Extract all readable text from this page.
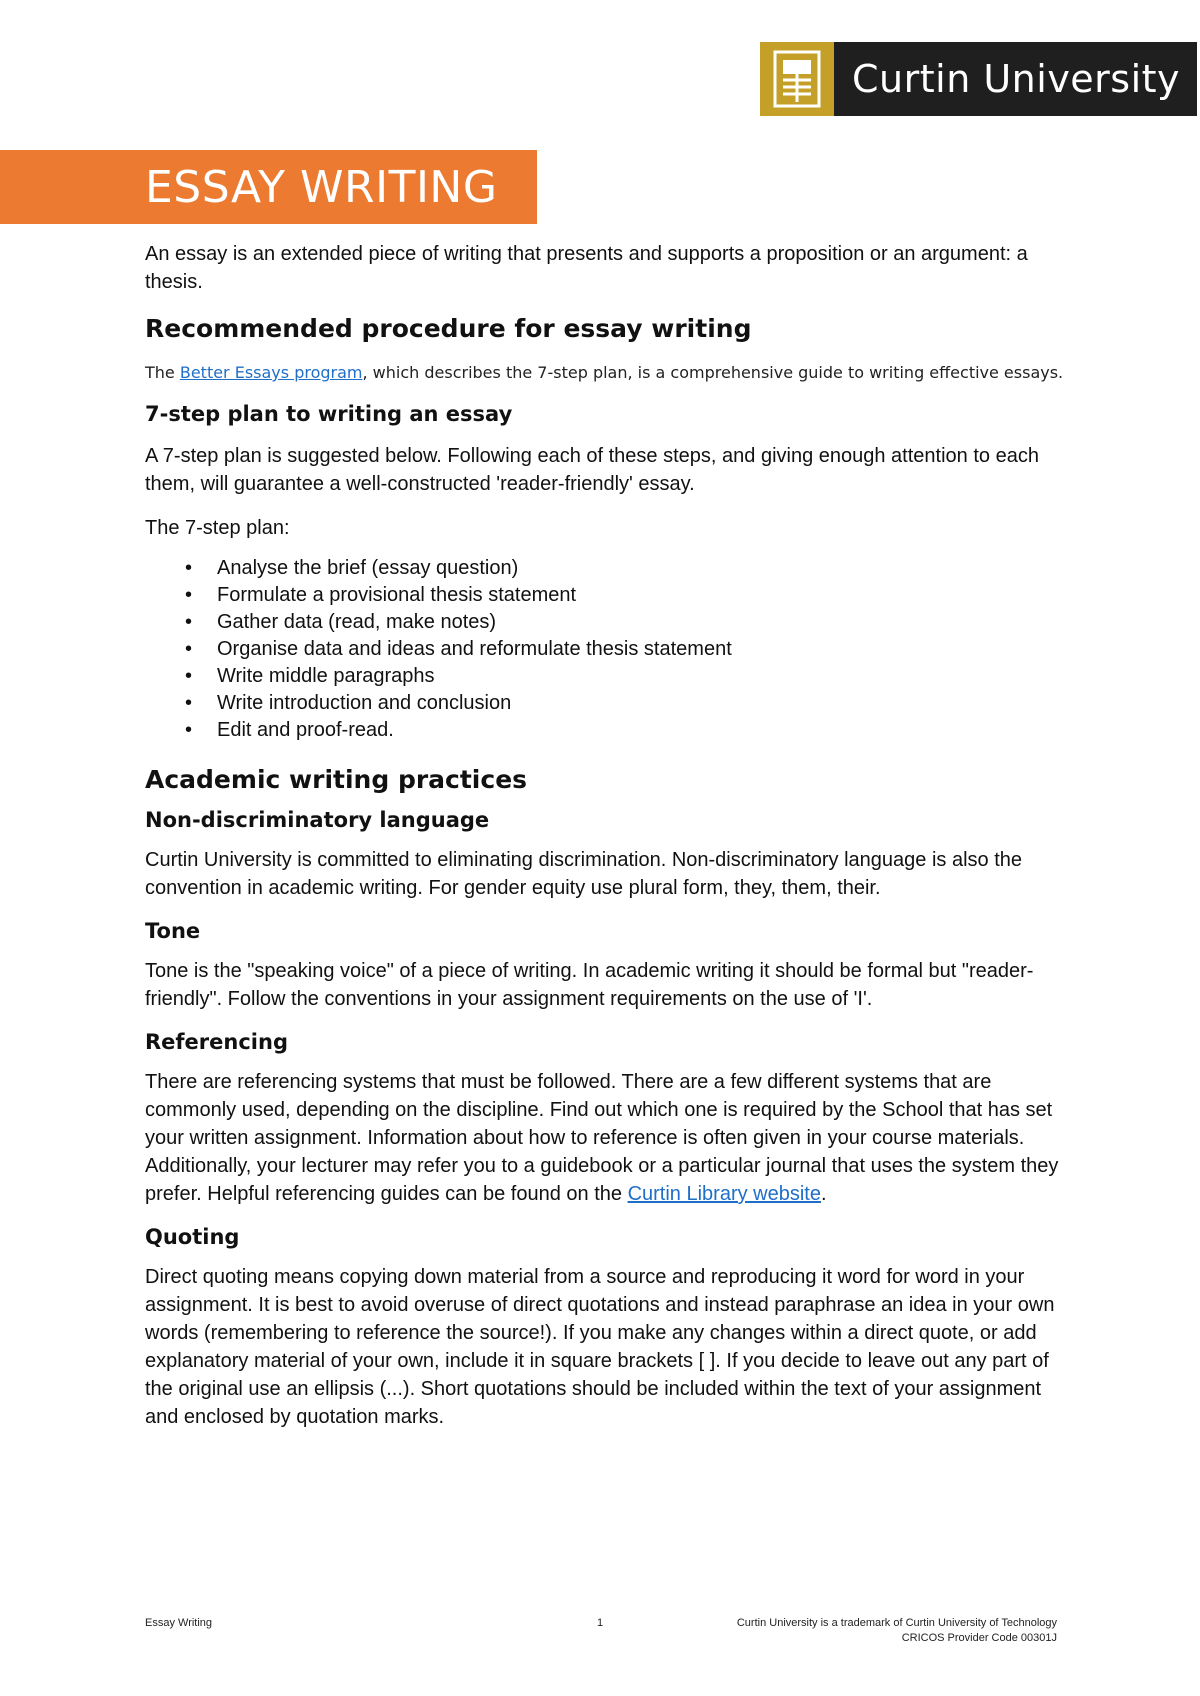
Curtin University
ESSAY WRITING

An essay is an extended piece of writing that presents and supports a proposition or an argument: a thesis.

Recommended procedure for essay writing

The Better Essays program, which describes the 7-step plan, is a comprehensive guide to writing effective essays.

7-step plan to writing an essay

A 7-step plan is suggested below. Following each of these steps, and giving enough attention to each them, will guarantee a well-constructed 'reader-friendly' essay.

The 7-step plan:

• Analyse the brief (essay question)
• Formulate a provisional thesis statement
• Gather data (read, make notes)
• Organise data and ideas and reformulate thesis statement
• Write middle paragraphs
• Write introduction and conclusion
• Edit and proof-read.
Academic writing practices
Non-discriminatory language

Curtin University is committed to eliminating discrimination. Non-discriminatory language is also the convention in academic writing. For gender equity use plural form, they, them, their.

Tone

Tone is the "speaking voice" of a piece of writing. In academic writing it should be formal but "reader-friendly". Follow the conventions in your assignment requirements on the use of 'I'.

Referencing

There are referencing systems that must be followed. There are a few different systems that are commonly used, depending on the discipline. Find out which one is required by the School that has set your written assignment. Information about how to reference is often given in your course materials. Additionally, your lecturer may refer you to a guidebook or a particular journal that uses the system they prefer. Helpful referencing guides can be found on the Curtin Library website.

Quoting

Direct quoting means copying down material from a source and reproducing it word for word in your assignment. It is best to avoid overuse of direct quotations and instead paraphrase an idea in your own words (remembering to reference the source!). If you make any changes within a direct quote, or add explanatory material of your own, include it in square brackets [ ]. If you decide to leave out any part of the original use an ellipsis (...). Short quotations should be included within the text of your assignment and enclosed by quotation marks.

Essay Writing	1	Curtin University is a trademark of Curtin University of Technology
CRICOS Provider Code 00301J
